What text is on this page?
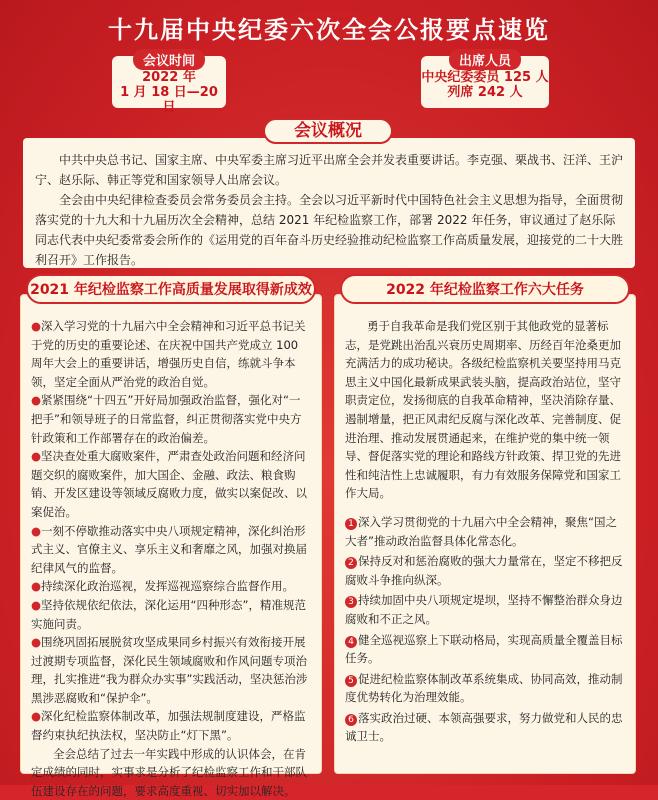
十九届中央纪委六次全会公报要点速览
会议时间
2022 年
1 月 18 日—20 日
出席人员
中央纪委委员 125 人
列席 242 人

中共中央总书记、国家主席、中央军委主席习近平出席全会并发表重要讲话。李克强、栗战书、汪洋、王沪宁、赵乐际、韩正等党和国家领导人出席会议。

全会由中央纪律检查委员会常务委员会主持。全会以习近平新时代中国特色社会主义思想为指导，全面贯彻落实党的十九大和十九届历次全会精神，总结 2021 年纪检监察工作，部署 2022 年任务，审议通过了赵乐际同志代表中央纪委常委会所作的《运用党的百年奋斗历史经验推动纪检监察工作高质量发展，迎接党的二十大胜利召开》工作报告。

会议概况
●深入学习党的十九届六中全会精神和习近平总书记关于党的历史的重要论述、在庆祝中国共产党成立 100 周年大会上的重要讲话，增强历史自信，练就斗争本领，坚定全面从严治党的政治自觉。
●紧紧围绕“十四五”开好局加强政治监督，强化对“一把手”和领导班子的日常监督，纠正贯彻落实党中央方针政策和工作部署存在的政治偏差。
●坚决查处重大腐败案件，严肃查处政治问题和经济问题交织的腐败案件，加大国企、金融、政法、粮食购销、开发区建设等领域反腐败力度，做实以案促改、以案促治。
●一刻不停歇推动落实中央八项规定精神，深化纠治形式主义、官僚主义、享乐主义和奢靡之风，加强对换届纪律风气的监督。
●持续深化政治巡视，发挥巡视巡察综合监督作用。
●坚持依规依纪依法，深化运用“四种形态”，精准规范实施问责。
●围绕巩固拓展脱贫攻坚成果同乡村振兴有效衔接开展过渡期专项监督，深化民生领域腐败和作风问题专项治理，扎实推进“我为群众办实事”实践活动，坚决惩治涉黑涉恶腐败和“保护伞”。
●深化纪检监察体制改革，加强法规制度建设，严格监督约束执纪执法权，坚决防止“灯下黑”。
全会总结了过去一年实践中形成的认识体会，在肯定成绩的同时，实事求是分析了纪检监察工作和干部队伍建设存在的问题，要求高度重视、切实加以解决。
2021 年纪检监察工作高质量发展取得新成效
勇于自我革命是我们党区别于其他政党的显著标志，是党跳出治乱兴衰历史周期率、历经百年沧桑更加充满活力的成功秘诀。各级纪检监察机关要坚持用马克思主义中国化最新成果武装头脑，提高政治站位，坚守职责定位，发扬彻底的自我革命精神，坚决消除存量、遏制增量，把正风肃纪反腐与深化改革、完善制度、促进治理、推动发展贯通起来，在维护党的集中统一领导、督促落实党的理论和路线方针政策、捍卫党的先进性和纯洁性上忠诚履职，有力有效服务保障党和国家工作大局。
1 深入学习贯彻党的十九届六中全会精神，聚焦“国之大者”推动政治监督具体化常态化。
2 保持反对和惩治腐败的强大力量常在，坚定不移把反腐败斗争推向纵深。
3 持续加固中央八项规定堤坝，坚持不懈整治群众身边腐败和不正之风。
4 健全巡视巡察上下联动格局，实现高质量全覆盖目标任务。
5 促进纪检监察体制改革系统集成、协同高效，推动制度优势转化为治理效能。
6 落实政治过硬、本领高强要求，努力做党和人民的忠诚卫士。
2022 年纪检监察工作六大任务
